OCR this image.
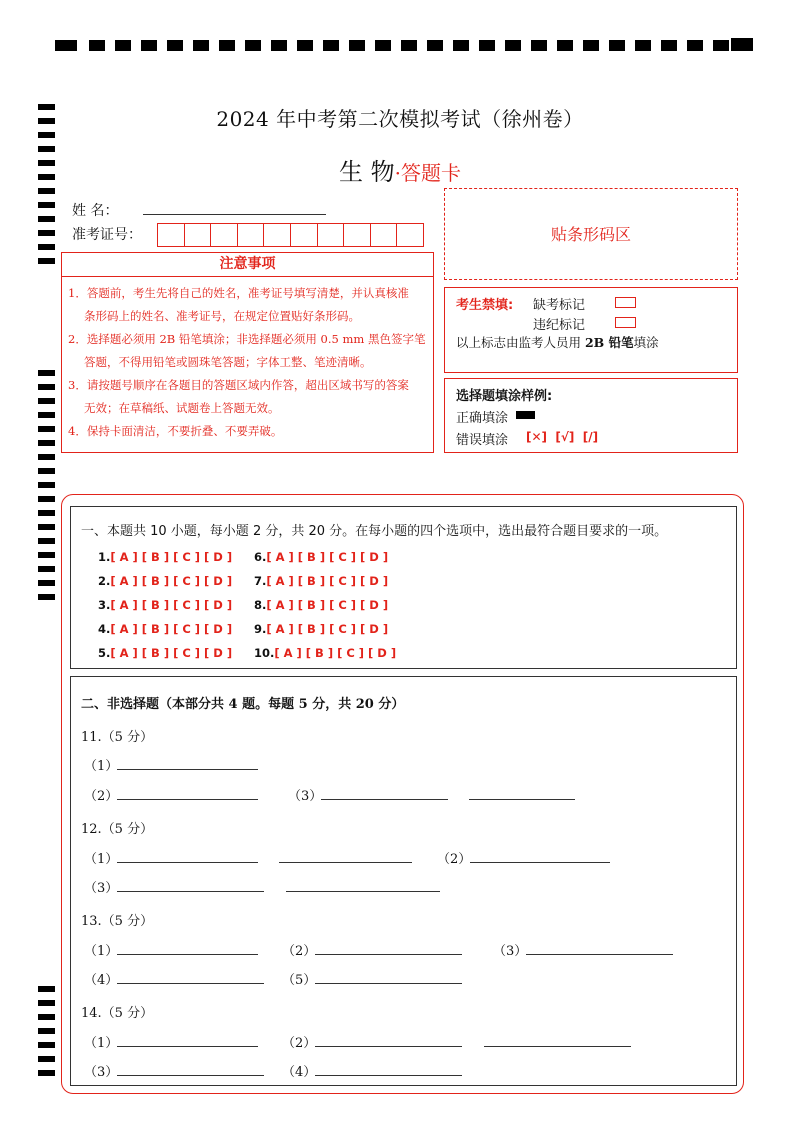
2024 年中考第二次模拟考试（徐州卷）
生 物·答题卡
姓 名：
准考证号：	贴条形码区
注意事项
1．答题前，考生先将自己的姓名，准考证号填写清楚，并认真核准
条形码上的姓名、准考证号，在规定位置贴好条形码。
2．选择题必须用 2B 铅笔填涂；非选择题必须用 0.5 mm 黑色签字笔
答题，不得用铅笔或圆珠笔答题；字体工整、笔迹清晰。
3．请按题号顺序在各题目的答题区域内作答，超出区域书写的答案
无效；在草稿纸、试题卷上答题无效。
4．保持卡面清洁，不要折叠、不要弄破。
考生禁填: 缺考标记
违纪标记
以上标志由监考人员用 2B 铅笔填涂
选择题填涂样例:
正确填涂
错误填涂 [✕]  [√]  [/]
一、本题共 10 小题，每小题 2 分，共 20 分。在每小题的四个选项中，选出最符合题目要求的一项。
1.[ A ] [ B ] [ C ] [ D ]
2.[ A ] [ B ] [ C ] [ D ]
3.[ A ] [ B ] [ C ] [ D ]
4.[ A ] [ B ] [ C ] [ D ]
5.[ A ] [ B ] [ C ] [ D ]
6.[ A ] [ B ] [ C ] [ D ]
7.[ A ] [ B ] [ C ] [ D ]
8.[ A ] [ B ] [ C ] [ D ]
9.[ A ] [ B ] [ C ] [ D ]
10.[ A ] [ B ] [ C ] [ D ]
二、非选择题（本部分共 4 题。每题 5 分，共 20 分）
11.（5 分）
（1）
（2）	（3）
12.（5 分）
（1）	（2）
（3）
13.（5 分）
（1）	（2）	（3）
（4）	（5）
14.（5 分）
（1）	（2）
（3）	（4）
